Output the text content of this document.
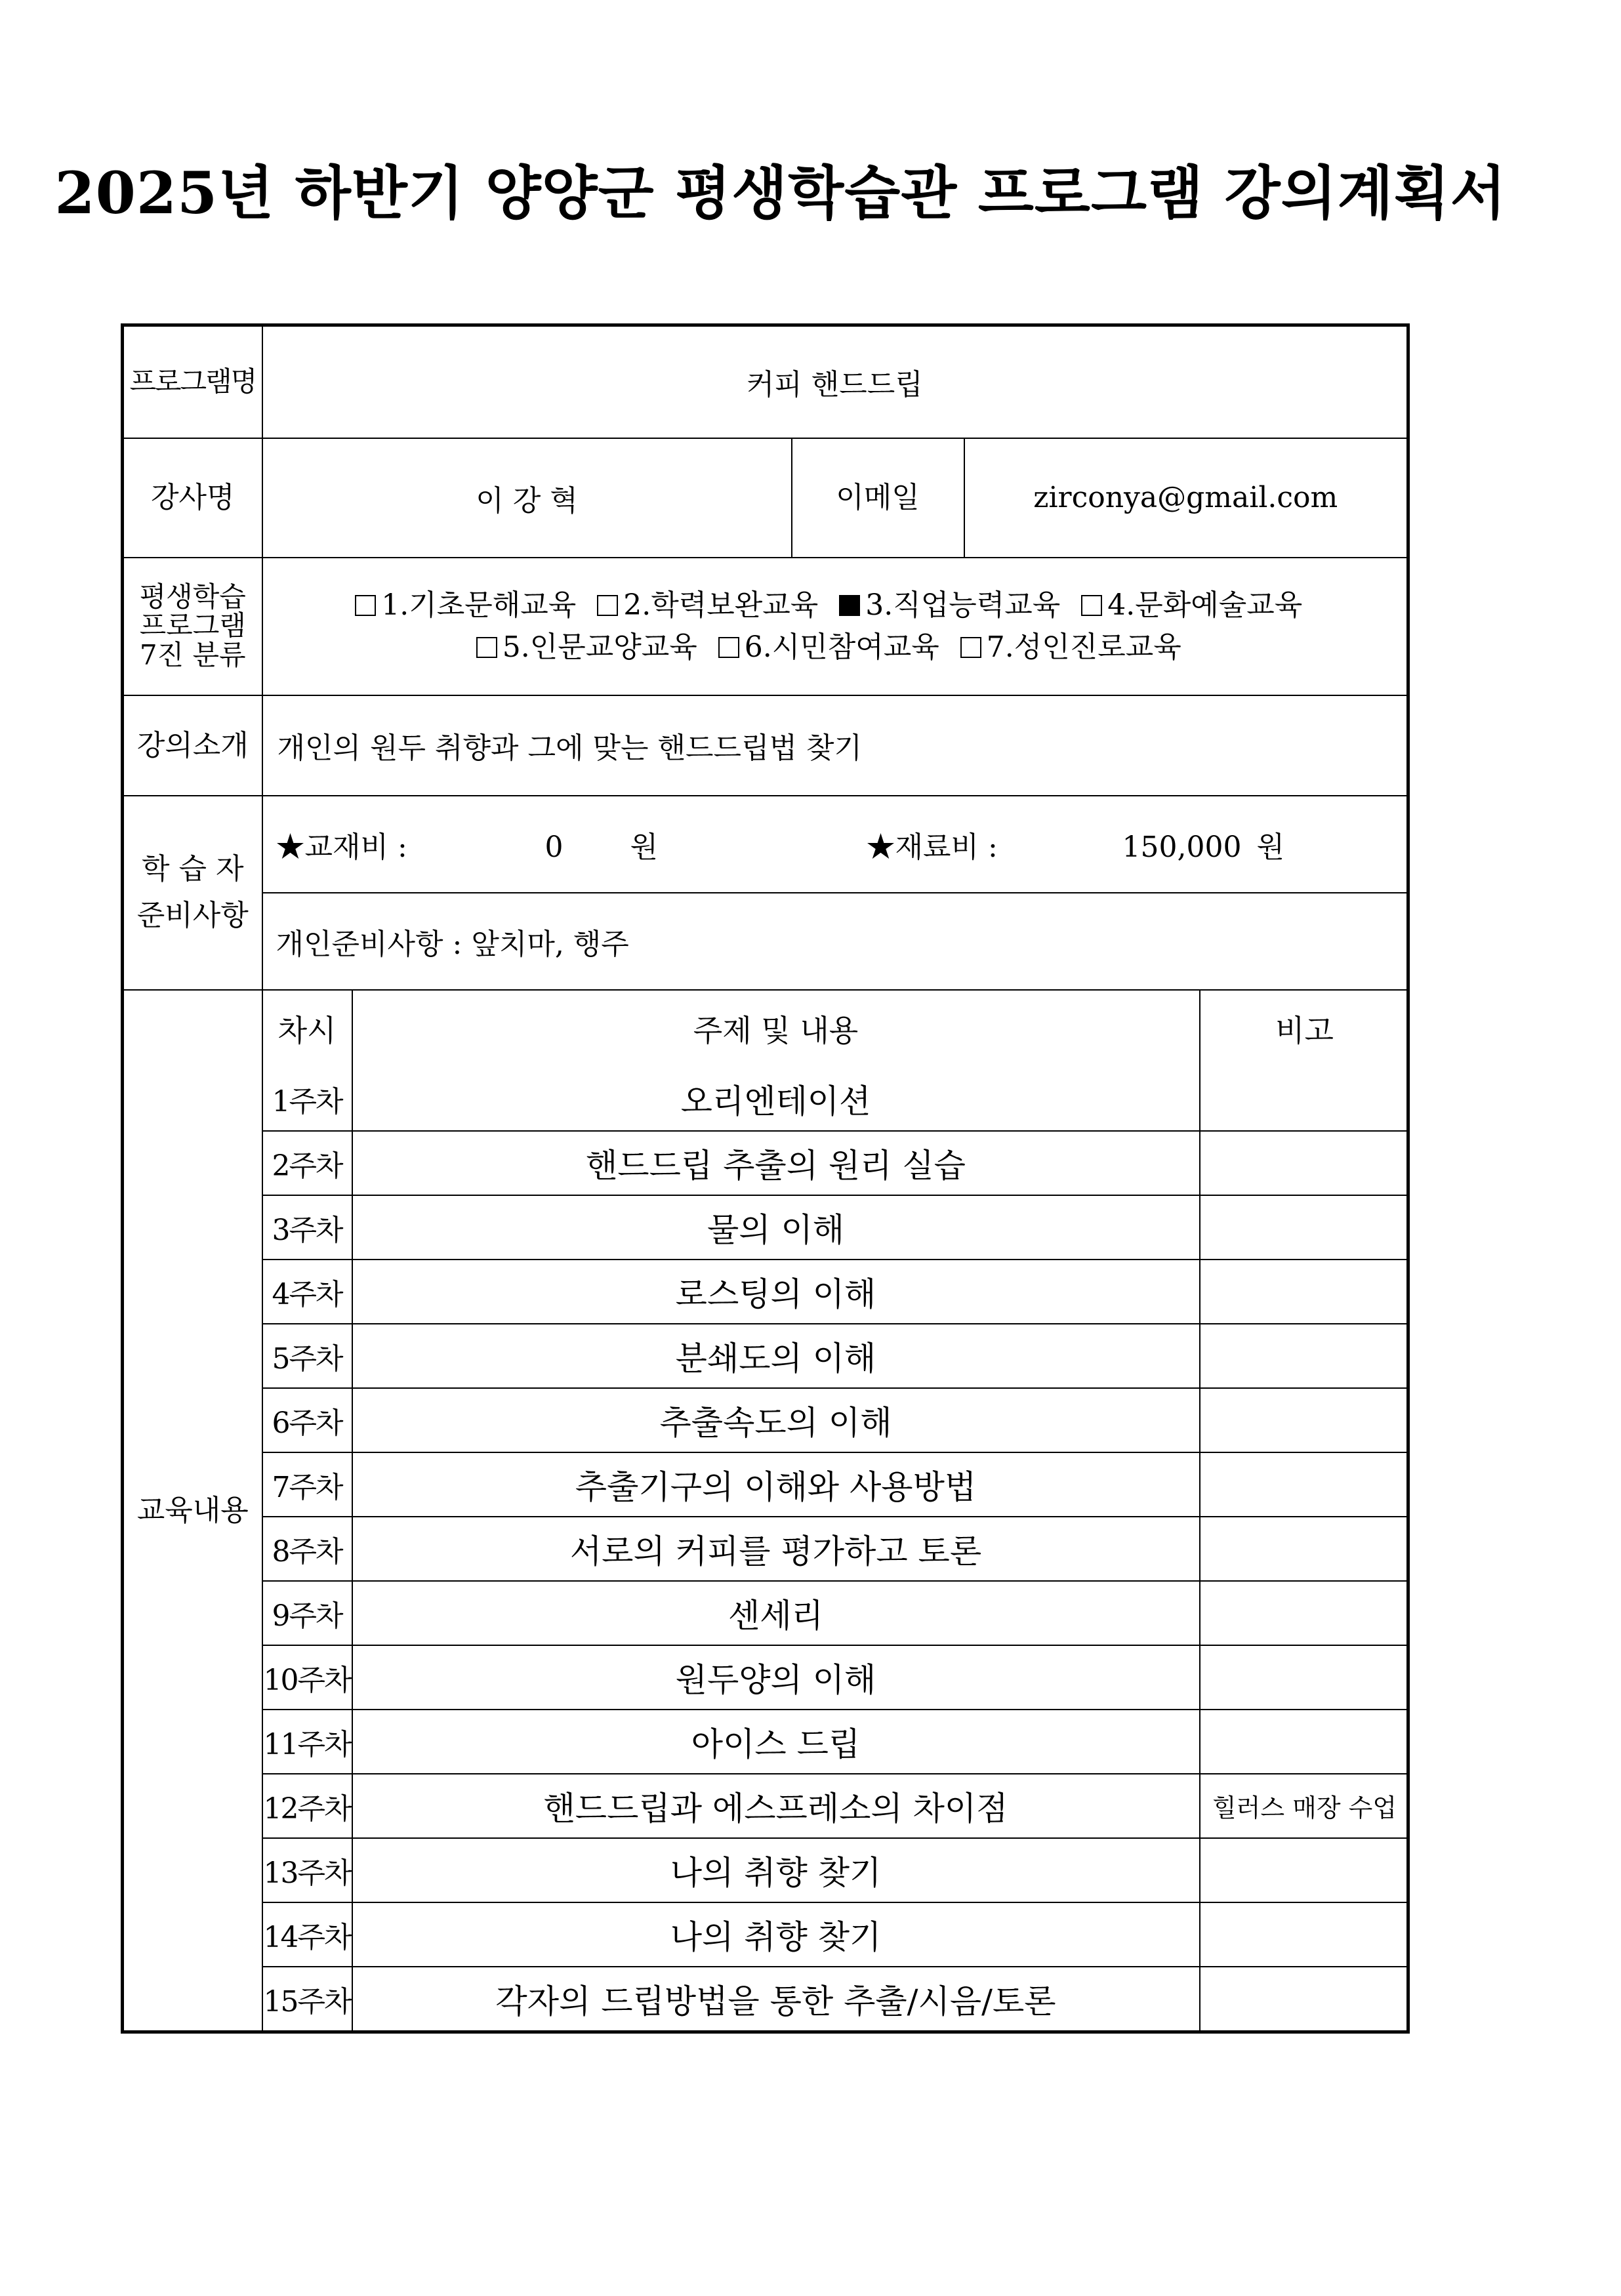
2025년 하반기 양양군 평생학습관 프로그램 강의계획서
프로그램명	커피 핸드드립
강사명	이 강 혁	이메일	zirconya@gmail.com

평생학습
프로그램
7진 분류

1.기초문해교육 2.학력보완교육 3.직업능력교육 4.문화예술교육
5.인문교양교육 6.시민참여교육 7.성인진로교육

강의소개	개인의 원두 취향과 그에 맞는 핸드드립법 찾기

학 습 자
준비사항
	★교재비 :	0 원	★재료비 :	150,000 원
개인준비사항 : 앞치마, 행주
교육내용	
차시	주제 및 내용	비고
1주차	오리엔테이션	
2주차	핸드드립 추출의 원리 실습	
3주차	물의 이해	
4주차	로스팅의 이해	
5주차	분쇄도의 이해	
6주차	추출속도의 이해	
7주차	추출기구의 이해와 사용방법	
8주차	서로의 커피를 평가하고 토론	
9주차	센세리	
10주차	원두양의 이해	
11주차	아이스 드립	
12주차	핸드드립과 에스프레소의 차이점	힐러스 매장 수업
13주차	나의 취향 찾기	
14주차	나의 취향 찾기	
15주차	각자의 드립방법을 통한 추출/시음/토론	
